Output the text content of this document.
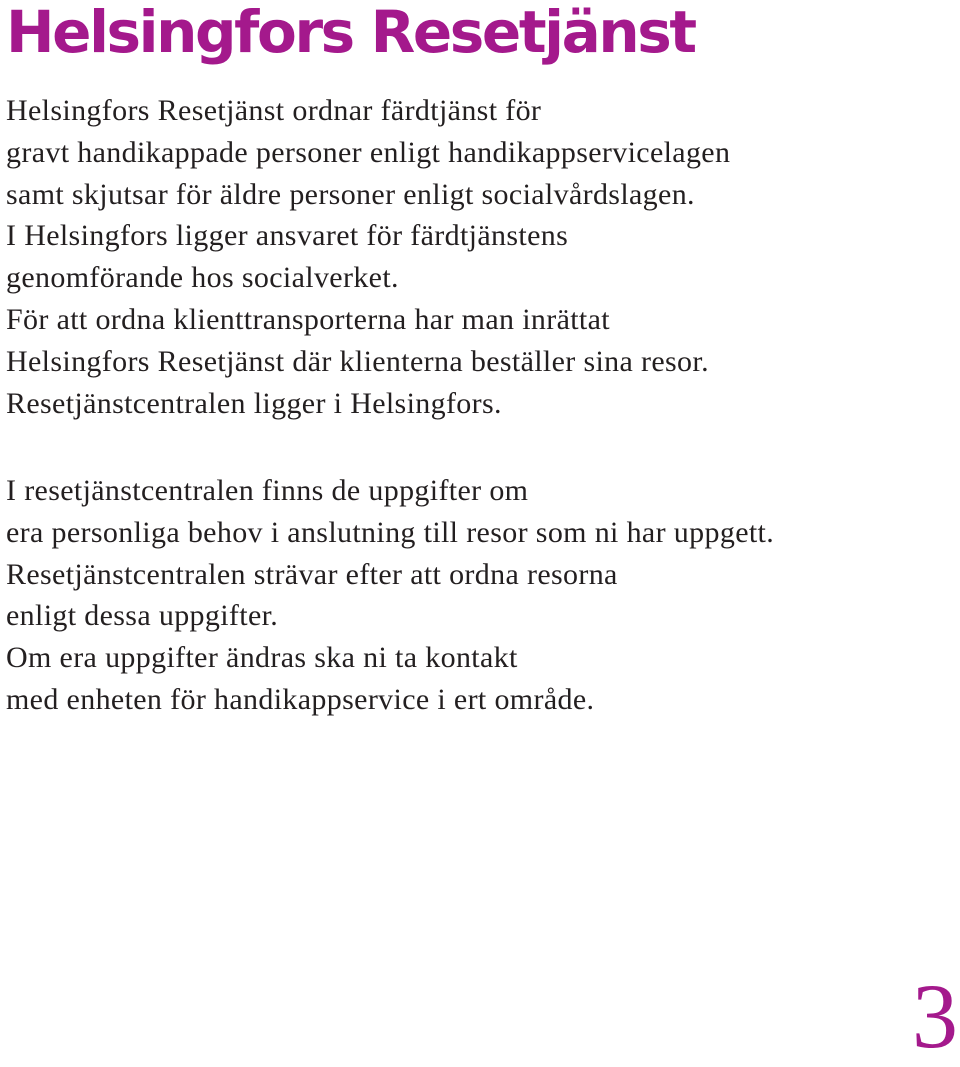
Helsingfors Resetjänst
Helsingfors Resetjänst ordnar färdtjänst för
gravt handikappade personer enligt handikappservicelagen
samt skjutsar för äldre personer enligt socialvårdslagen.
I Helsingfors ligger ansvaret för färdtjänstens
genomförande hos socialverket.
För att ordna klienttransporterna har man inrättat
Helsingfors Resetjänst där klienterna beställer sina resor.
Resetjänstcentralen ligger i Helsingfors.
I resetjänstcentralen finns de uppgifter om
era personliga behov i anslutning till resor som ni har uppgett.
Resetjänstcentralen strävar efter att ordna resorna
enligt dessa uppgifter.
Om era uppgifter ändras ska ni ta kontakt
med enheten för handikappservice i ert område.
3
